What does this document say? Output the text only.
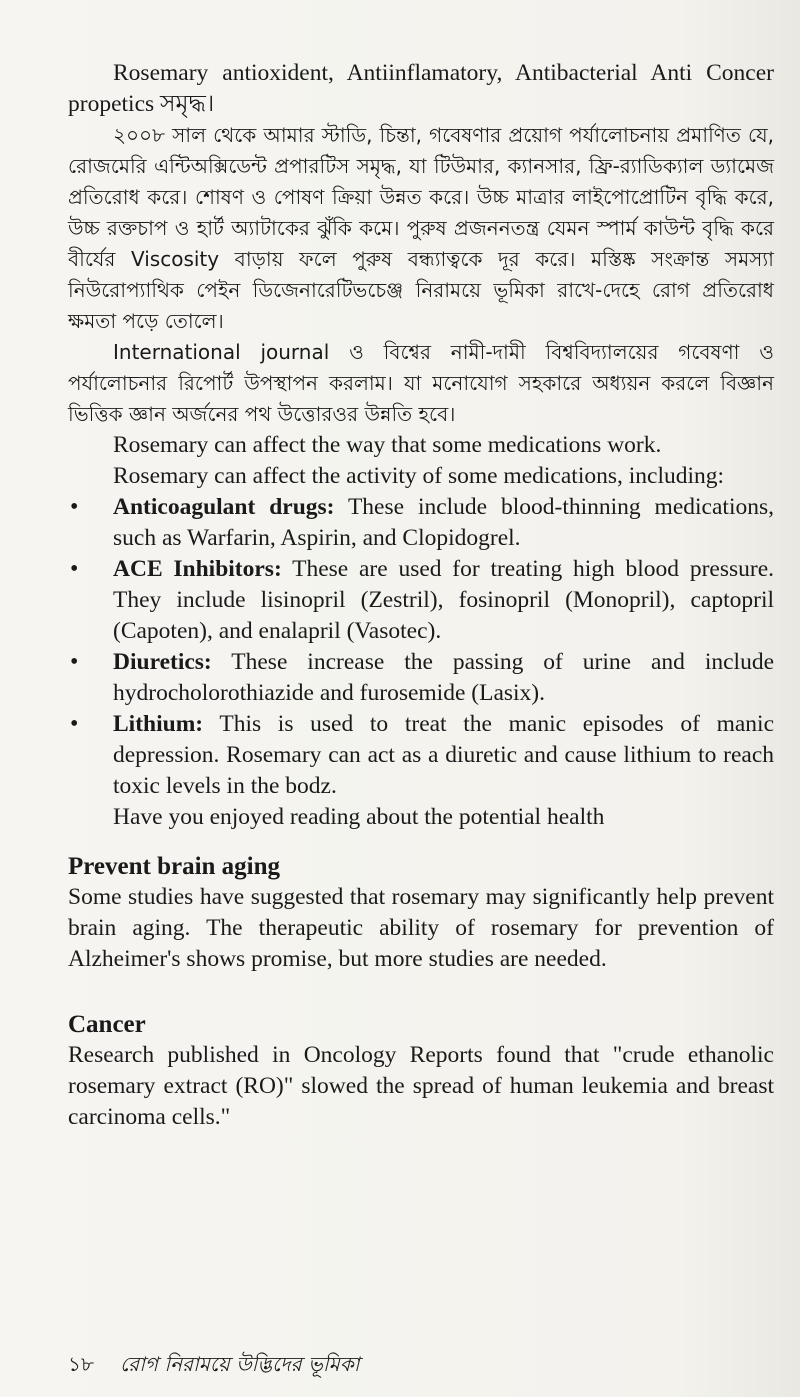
Rosemary antioxident, Antiinflamatory, Antibacterial Anti Concer propetics সমৃদ্ধ।

২০০৮ সাল থেকে আমার স্টাডি, চিন্তা, গবেষণার প্রয়োগ পর্যালোচনায় প্রমাণিত যে, রোজমেরি এন্টিঅক্সিডেন্ট প্রপারটিস সমৃদ্ধ, যা টিউমার, ক্যানসার, ফ্রি-র‍্যাডিক্যাল ড্যামেজ প্রতিরোধ করে। শোষণ ও পোষণ ক্রিয়া উন্নত করে। উচ্চ মাত্রার লাইপোপ্রোটিন বৃদ্ধি করে, উচ্চ রক্তচাপ ও হার্ট অ্যাটাকের ঝুঁকি কমে। পুরুষ প্রজননতন্ত্র যেমন স্পার্ম কাউন্ট বৃদ্ধি করে বীর্যের Viscosity বাড়ায় ফলে পুরুষ বন্ধ্যাত্বকে দূর করে। মস্তিষ্ক সংক্রান্ত সমস্যা নিউরোপ্যাথিক পেইন ডিজেনারেটিভচেঞ্জ নিরাময়ে ভূমিকা রাখে-দেহে রোগ প্রতিরোধ ক্ষমতা পড়ে তোলে।

International journal ও বিশ্বের নামী-দামী বিশ্ববিদ্যালয়ের গবেষণা ও পর্যালোচনার রিপোর্ট উপস্থাপন করলাম। যা মনোযোগ সহকারে অধ্যয়ন করলে বিজ্ঞান ভিত্তিক জ্ঞান অর্জনের পথ উত্তোরওর উন্নতি হবে।

Rosemary can affect the way that some medications work.

Rosemary can affect the activity of some medications, including:

• Anticoagulant drugs: These include blood-thinning medications, such as Warfarin, Aspirin, and Clopidogrel.
• ACE Inhibitors: These are used for treating high blood pressure. They include lisinopril (Zestril), fosinopril (Monopril), captopril (Capoten), and enalapril (Vasotec).
• Diuretics: These increase the passing of urine and include hydrocholorothiazide and furosemide (Lasix).
• Lithium: This is used to treat the manic episodes of manic depression. Rosemary can act as a diuretic and cause lithium to reach toxic levels in the bodz.

Have you enjoyed reading about the potential health

Prevent brain aging

Some studies have suggested that rosemary may significantly help prevent brain aging. The therapeutic ability of rosemary for prevention of Alzheimer's shows promise, but more studies are needed.

Cancer

Research published in Oncology Reports found that "crude ethanolic rosemary extract (RO)" slowed the spread of human leukemia and breast carcinoma cells."

১৮ রোগ নিরাময়ে উদ্ভিদের ভূমিকা
